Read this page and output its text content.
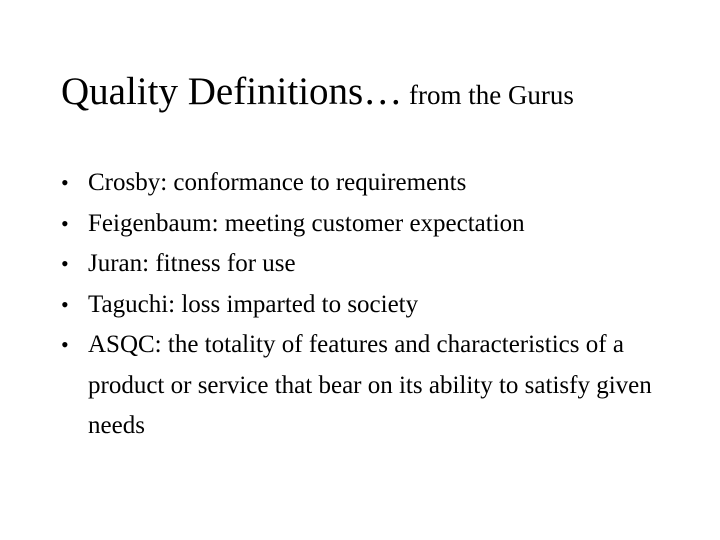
Quality Definitions… from the Gurus
• Crosby: conformance to requirements
• Feigenbaum: meeting customer expectation
• Juran: fitness for use
• Taguchi: loss imparted to society
• ASQC: the totality of features and characteristics of a product or service that bear on its ability to satisfy given needs
